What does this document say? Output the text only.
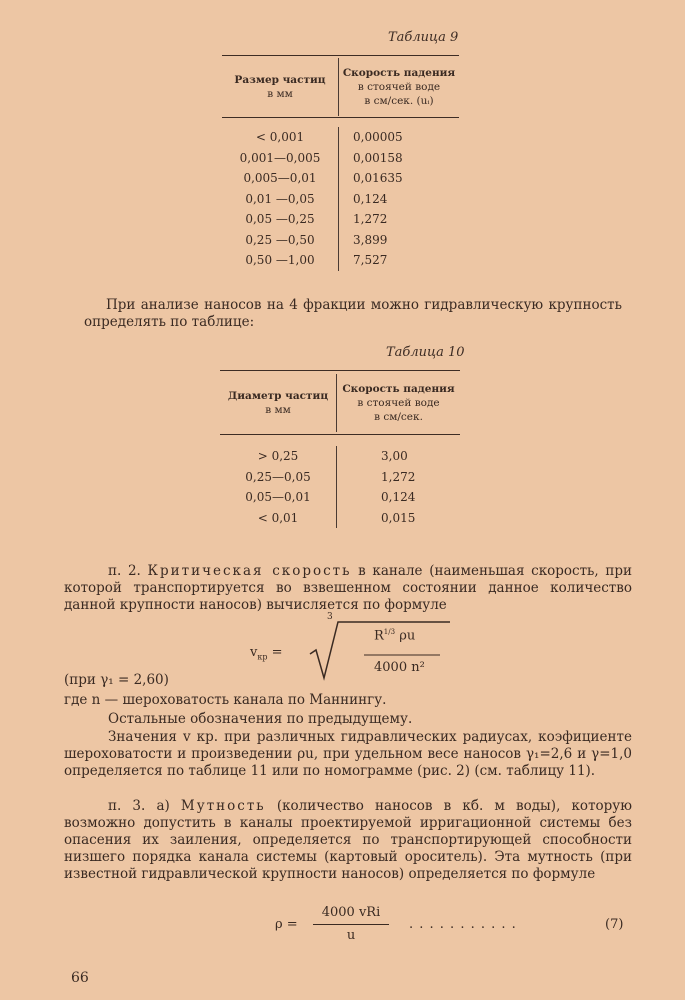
Таблица 9
Размер частиц
в мм	Скорость падения
в стоячей воде
в см/сек. (uᵢ)
< 0,001	0,00005
0,001—0,005	0,00158
0,005—0,01	0,01635
0,01 —0,05	0,124
0,05 —0,25	1,272
0,25 —0,50	3,899
0,50 —1,00	7,527
При анализе наносов на 4 фракции можно гидравлическую крупность определять по таблице:
Таблица 10
Диаметр частиц
в мм	Скорость падения
в стоячей воде
в см/сек.
> 0,25	3,00
0,25—0,05	1,272
0,05—0,01	0,124
< 0,01	0,015
п. 2. Критическая скорость в канале (наименьшая скорость, при которой транспортируется во взвешенном состоянии данное количество данной крупности наносов) вычисляется по формуле
$v_{кр}$ =
3
$R^{1/3}$ ρu
4000 n²
(при γ₁ = 2,60)
где n — шероховатость канала по Маннингу.
Остальные обозначения по предыдущему.
Значения v кр. при различных гидравлических радиусах, коэфициенте шероховатости и произведении ρu, при удельном весе наносов γ₁=2,6 и γ=1,0 определяется по таблице 11 или по номограмме (рис. 2) (см. таблицу 11).
п. 3. а) Мутность (количество наносов в кб. м воды), которую возможно допустить в каналы проектируемой ирригационной системы без опасения их заиления, определяется по транспортирующей способности низшего порядка канала системы (картовый ороситель). Эта мутность (при известной гидравлической крупности наносов) определяется по формуле
ρ =
4000 vRi
u
. . . . . . . . . . .	(7)
66
